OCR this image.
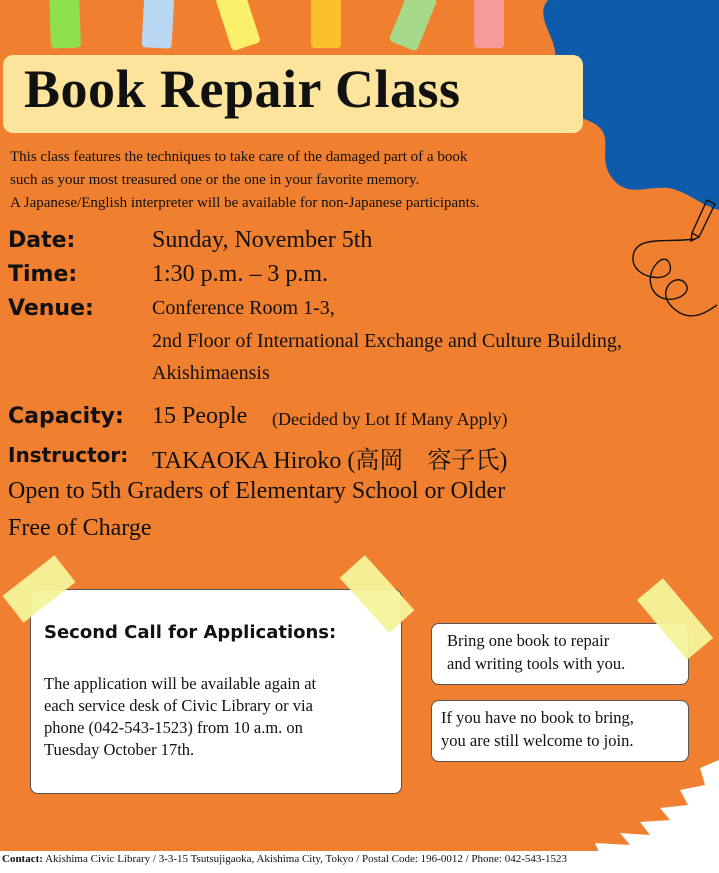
Book Repair Class
This class features the techniques to take care of the damaged part of a book
such as your most treasured one or the one in your favorite memory.
A Japanese/English interpreter will be available for non-Japanese participants.
Date:	Sunday, November 5th
Time:	1:30 p.m. – 3 p.m.
Venue:	Conference Room 1-3,
2nd Floor of International Exchange and Culture Building,
Akishimaensis
Capacity: 15 People (Decided by Lot If Many Apply)
Instructor: TAKAOKA Hiroko (高岡　容子氏)
Open to 5th Graders of Elementary School or Older
Free of Charge
Second Call for Applications:
The application will be available again at
each service desk of Civic Library or via
phone (042-543-1523) from 10 a.m. on
Tuesday October 17th.
Bring one book to repair
and writing tools with you.
If you have no book to bring,
you are still welcome to join.
Contact: Akishima Civic Library / 3-3-15 Tsutsujigaoka, Akishima City, Tokyo / Postal Code: 196-0012 / Phone: 042-543-1523
